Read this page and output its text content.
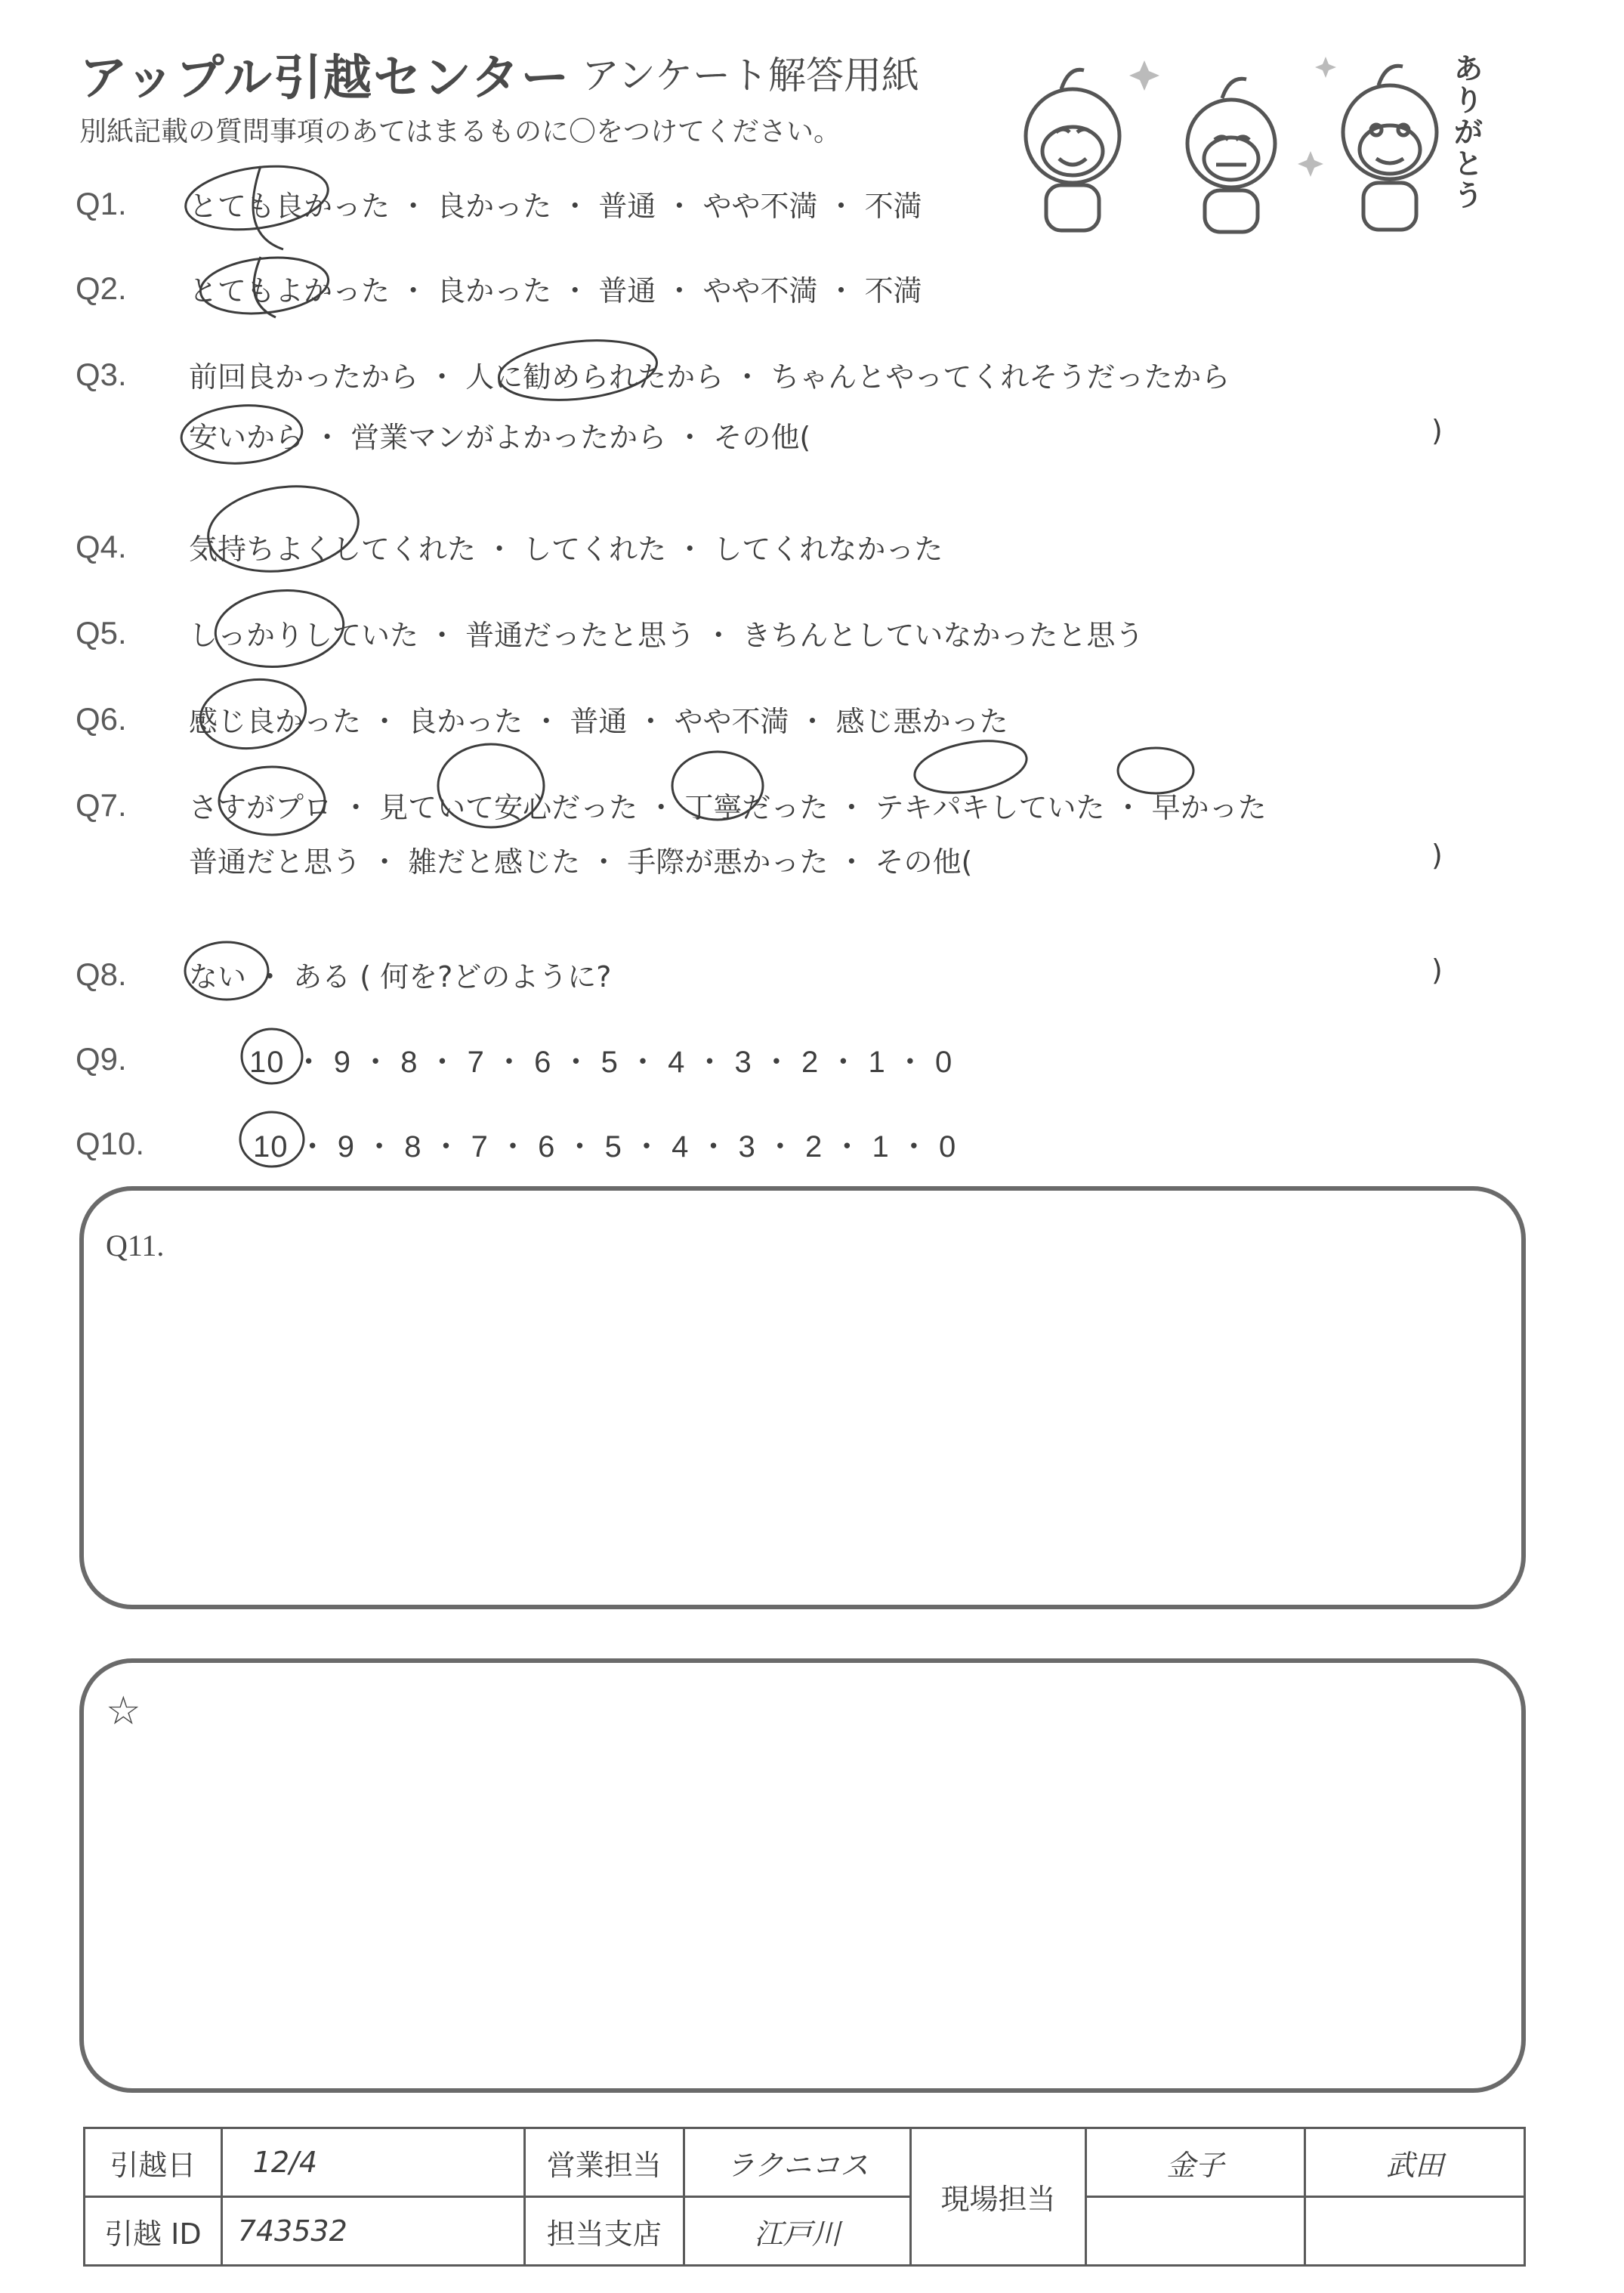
アップル引越センター アンケート解答用紙
別紙記載の質問事項のあてはまるものに〇をつけてください。
ありがとう
Q1. とても良かった ・ 良かった ・ 普通 ・ やや不満 ・ 不満
Q2. とてもよかった ・ 良かった ・ 普通 ・ やや不満 ・ 不満
Q3. 前回良かったから ・ 人に勧められたから ・ ちゃんとやってくれそうだったから
安いから ・ 営業マンがよかったから ・ その他(	)
Q4. 気持ちよくしてくれた ・ してくれた ・ してくれなかった
Q5. しっかりしていた ・ 普通だったと思う ・ きちんとしていなかったと思う
Q6. 感じ良かった ・ 良かった ・ 普通 ・ やや不満 ・ 感じ悪かった
Q7. さすがプロ ・ 見ていて安心だった ・ 丁寧だった ・ テキパキしていた ・ 早かった
普通だと思う ・ 雑だと感じた ・ 手際が悪かった ・ その他(	)
Q8. ない ・ ある ( 何を?どのように?	)
Q9.	10 ・ 9 ・ 8 ・ 7 ・ 6 ・ 5 ・ 4 ・ 3 ・ 2 ・ 1 ・ 0
Q10.	10 ・ 9 ・ 8 ・ 7 ・ 6 ・ 5 ・ 4 ・ 3 ・ 2 ・ 1 ・ 0
Q11.
☆
引越日	12/4	営業担当	ラクニコス	現場担当	金子	武田
引越 ID	743532	担当支店	江戸川			
